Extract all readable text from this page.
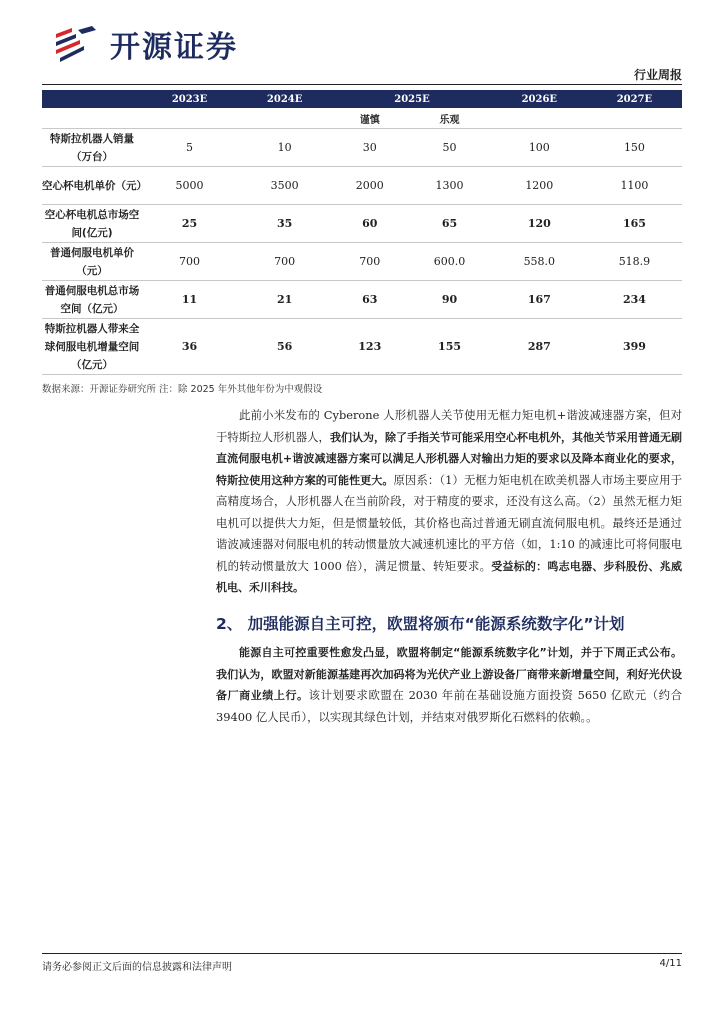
开源证券
行业周报
	2023E	2024E	2025E		2026E	2027E
			谨慎	乐观		
特斯拉机器人销量（万台）	5	10	30	50	100	150
空心杯电机单价（元）	5000	3500	2000	1300	1200	1100
空心杯电机总市场空间(亿元)	25	35	60	65	120	165
普通伺服电机单价（元）	700	700	700	600.0	558.0	518.9
普通伺服电机总市场空间（亿元）	11	21	63	90	167	234
特斯拉机器人带来全球伺服电机增量空间（亿元）	36	56	123	155	287	399
数据来源：开源证券研究所 注：除 2025 年外其他年份为中观假设
此前小米发布的 Cyberone 人形机器人关节使用无框力矩电机+谐波减速器方案，但对于特斯拉人形机器人，我们认为，除了手指关节可能采用空心杯电机外，其他关节采用普通无刷直流伺服电机+谐波减速器方案可以满足人形机器人对输出力矩的要求以及降本商业化的要求，特斯拉使用这种方案的可能性更大。原因系：（1）无框力矩电机在欧美机器人市场主要应用于高精度场合，人形机器人在当前阶段，对于精度的要求，还没有这么高。（2）虽然无框力矩电机可以提供大力矩，但是惯量较低，其价格也高过普通无刷直流伺服电机。最终还是通过谐波减速器对伺服电机的转动惯量放大减速机速比的平方倍（如，1:10 的减速比可将伺服电机的转动惯量放大 1000 倍），满足惯量、转矩要求。受益标的：鸣志电器、步科股份、兆威机电、禾川科技。
2、 加强能源自主可控，欧盟将颁布“能源系统数字化”计划
能源自主可控重要性愈发凸显，欧盟将制定“能源系统数字化”计划，并于下周正式公布。我们认为，欧盟对新能源基建再次加码将为光伏产业上游设备厂商带来新增量空间，利好光伏设备厂商业绩上行。该计划要求欧盟在 2030 年前在基础设施方面投资 5650 亿欧元（约合 39400 亿人民币），以实现其绿色计划，并结束对俄罗斯化石燃料的依赖。。
请务必参阅正文后面的信息披露和法律声明	4/11
